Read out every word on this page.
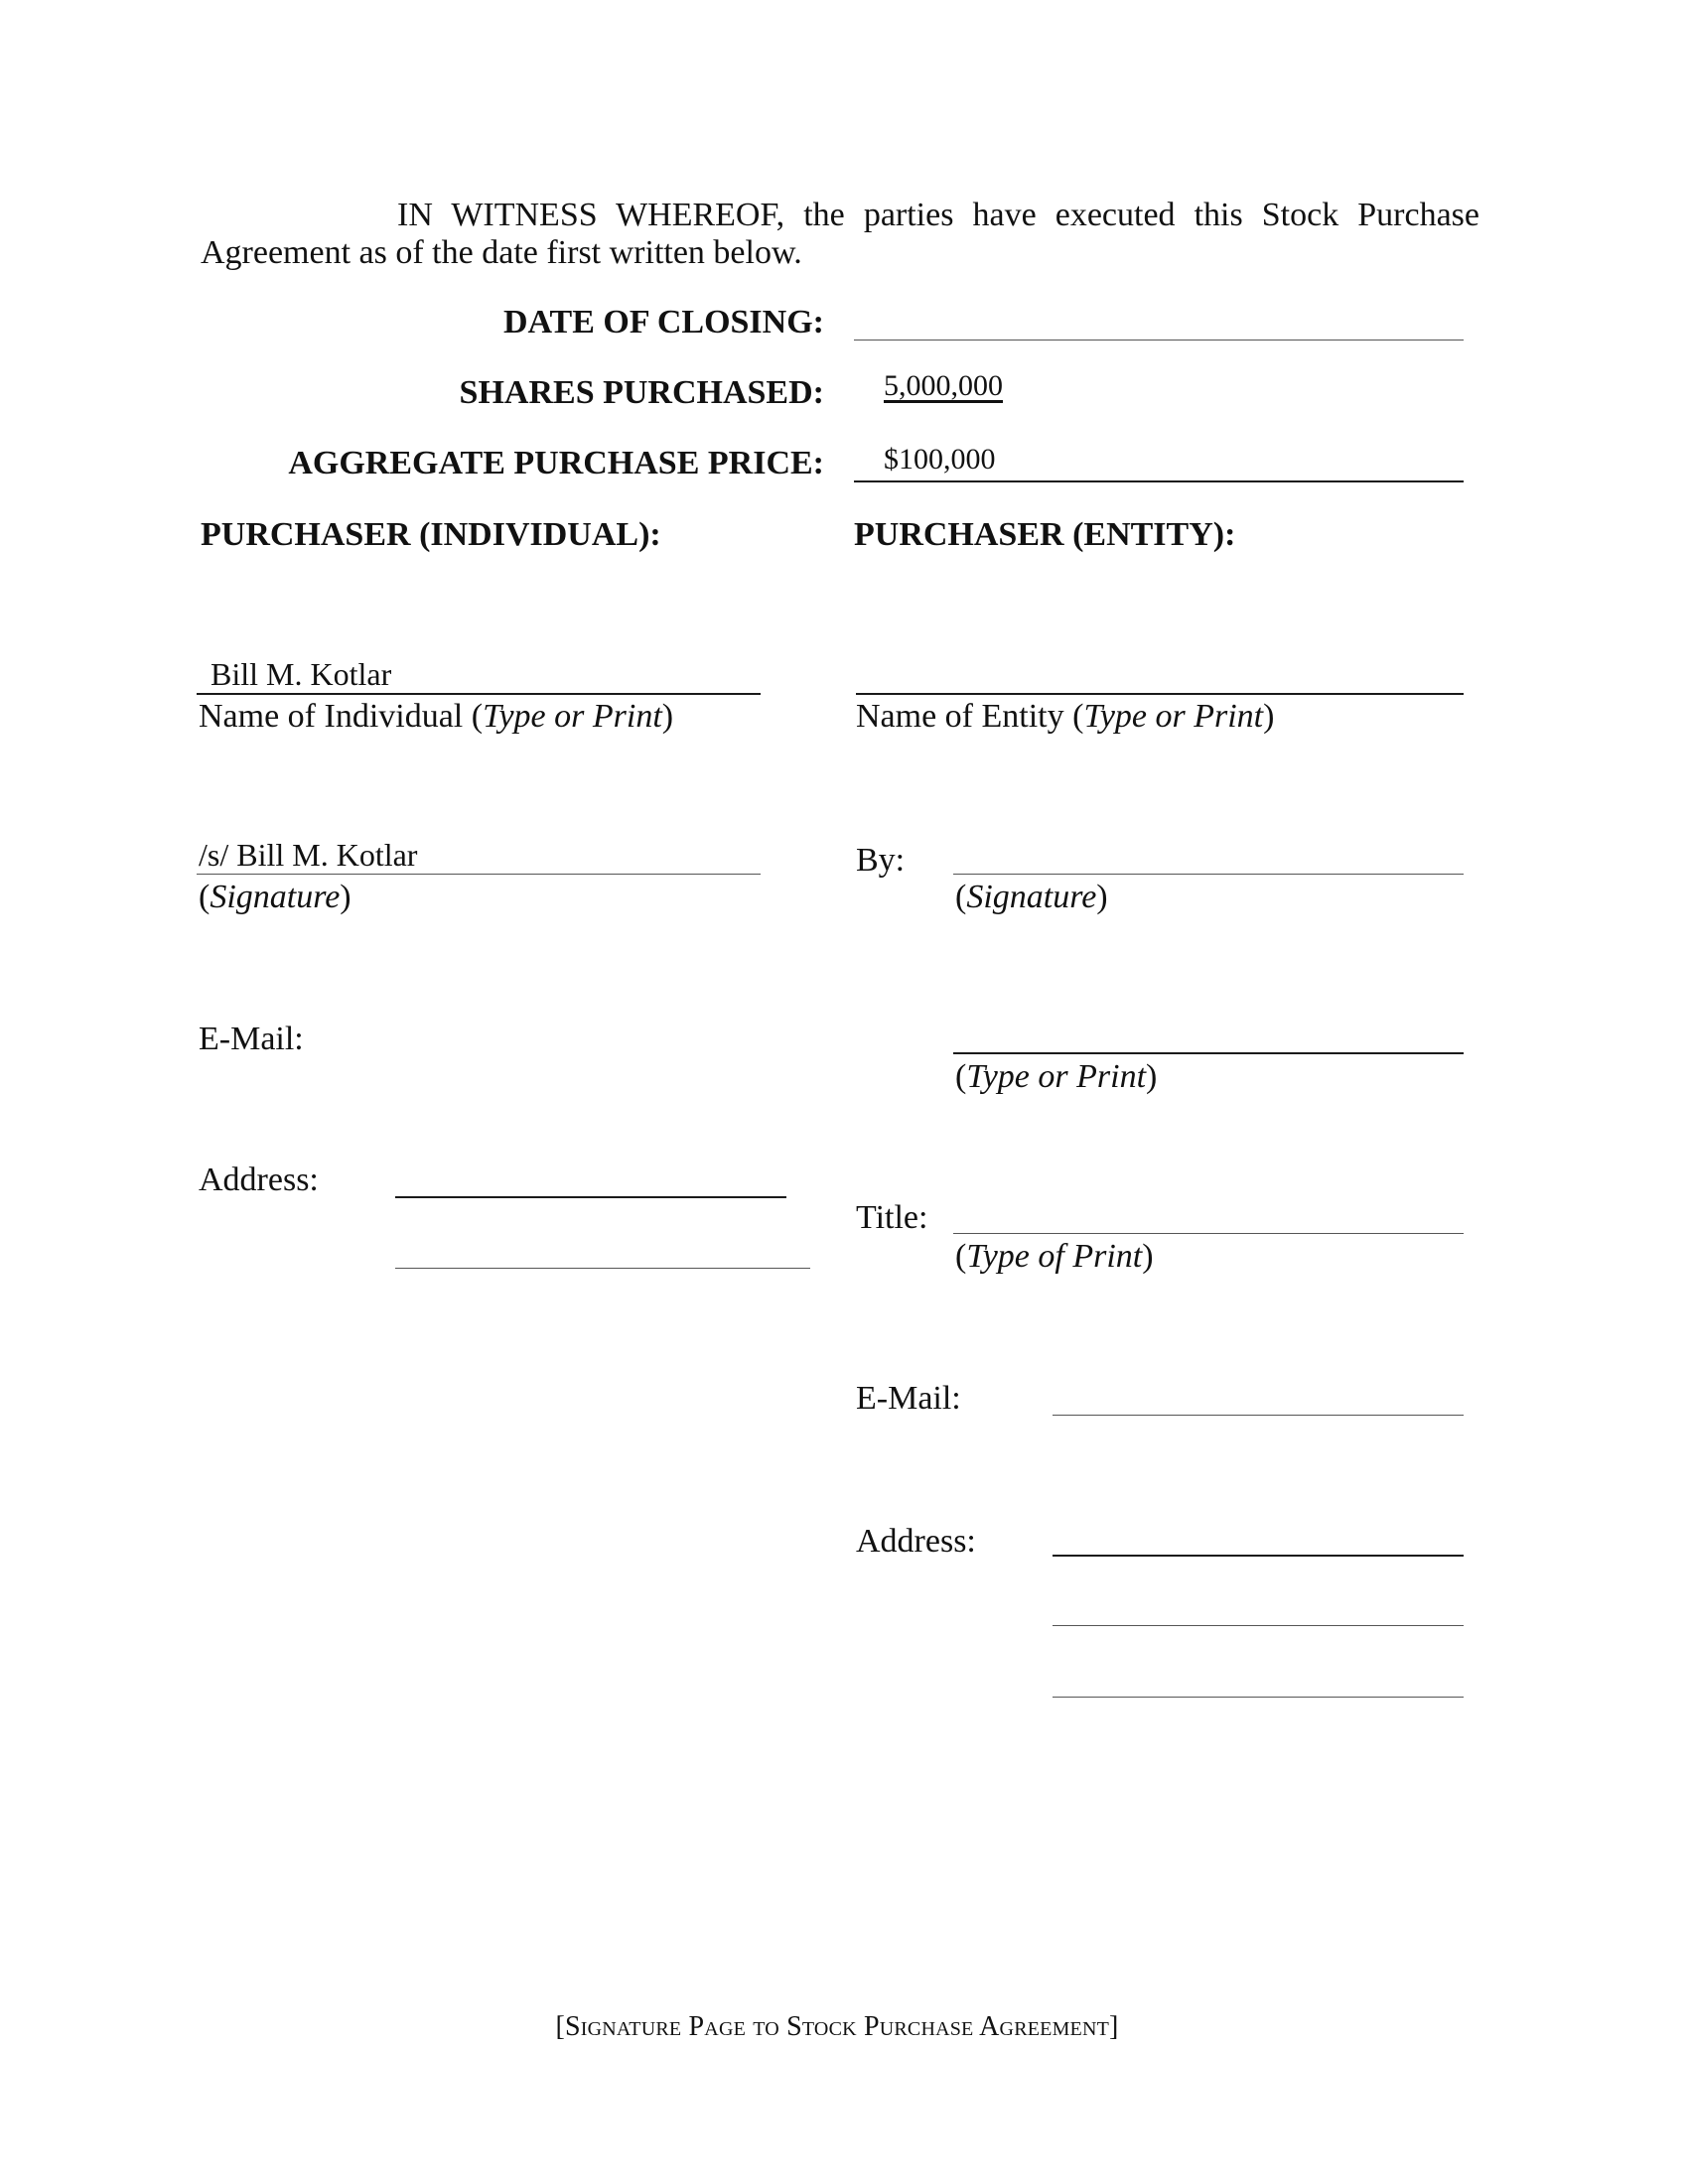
IN WITNESS WHEREOF, the parties have executed this Stock Purchase
Agreement as of the date first written below.
DATE OF CLOSING:
SHARES PURCHASED: 5,000,000
AGGREGATE PURCHASE PRICE: $100,000
PURCHASER (INDIVIDUAL):	PURCHASER (ENTITY):
Bill M. Kotlar
Name of Individual (Type or Print)	Name of Entity (Type or Print)
/s/ Bill M. Kotlar
(Signature)
By:
(Signature)
E-Mail:
(Type or Print)
Address:
Title:
(Type of Print)
E-Mail:
Address:
[Signature Page to Stock Purchase Agreement]
